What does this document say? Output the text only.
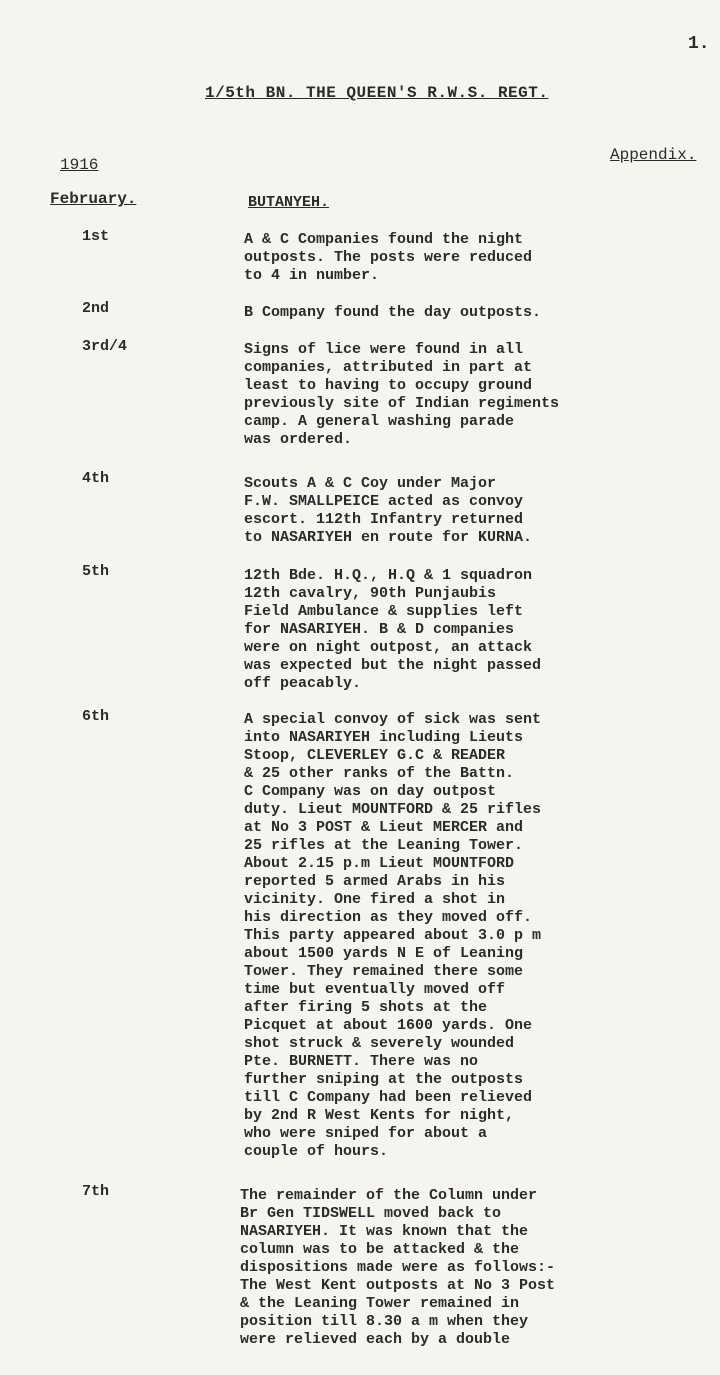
1.
1/5th BN. THE QUEEN'S R.W.S. REGT.
1916
Appendix.
February.	BUTANYEH.
1st	A & C Companies found the night
outposts. The posts were reduced
to 4 in number.
2nd	B Company found the day outposts.
3rd/4	Signs of lice were found in all
companies, attributed in part at
least to having to occupy ground
previously site of Indian regiments
camp. A general washing parade
was ordered.
4th	Scouts A & C Coy under Major
F.W. SMALLPEICE acted as convoy
escort. 112th Infantry returned
to NASARIYEH en route for KURNA.
5th	12th Bde. H.Q., H.Q & 1 squadron
12th cavalry, 90th Punjaubis
Field Ambulance & supplies left
for NASARIYEH. B & D companies
were on night outpost, an attack
was expected but the night passed
off peacably.
6th	A special convoy of sick was sent
into NASARIYEH including Lieuts
Stoop, CLEVERLEY G.C & READER
& 25 other ranks of the Battn.
C Company was on day outpost
duty. Lieut MOUNTFORD & 25 rifles
at No 3 POST & Lieut MERCER and
25 rifles at the Leaning Tower.
About 2.15 p.m Lieut MOUNTFORD
reported 5 armed Arabs in his
vicinity. One fired a shot in
his direction as they moved off.
This party appeared about 3.0 p m
about 1500 yards N E of Leaning
Tower. They remained there some
time but eventually moved off
after firing 5 shots at the
Picquet at about 1600 yards. One
shot struck & severely wounded
Pte. BURNETT. There was no
further sniping at the outposts
till C Company had been relieved
by 2nd R West Kents for night,
who were sniped for about a
couple of hours.
7th	The remainder of the Column under
Br Gen TIDSWELL moved back to
NASARIYEH. It was known that the
column was to be attacked & the
dispositions made were as follows:-
The West Kent outposts at No 3 Post
& the Leaning Tower remained in
position till 8.30 a m when they
were relieved each by a double
